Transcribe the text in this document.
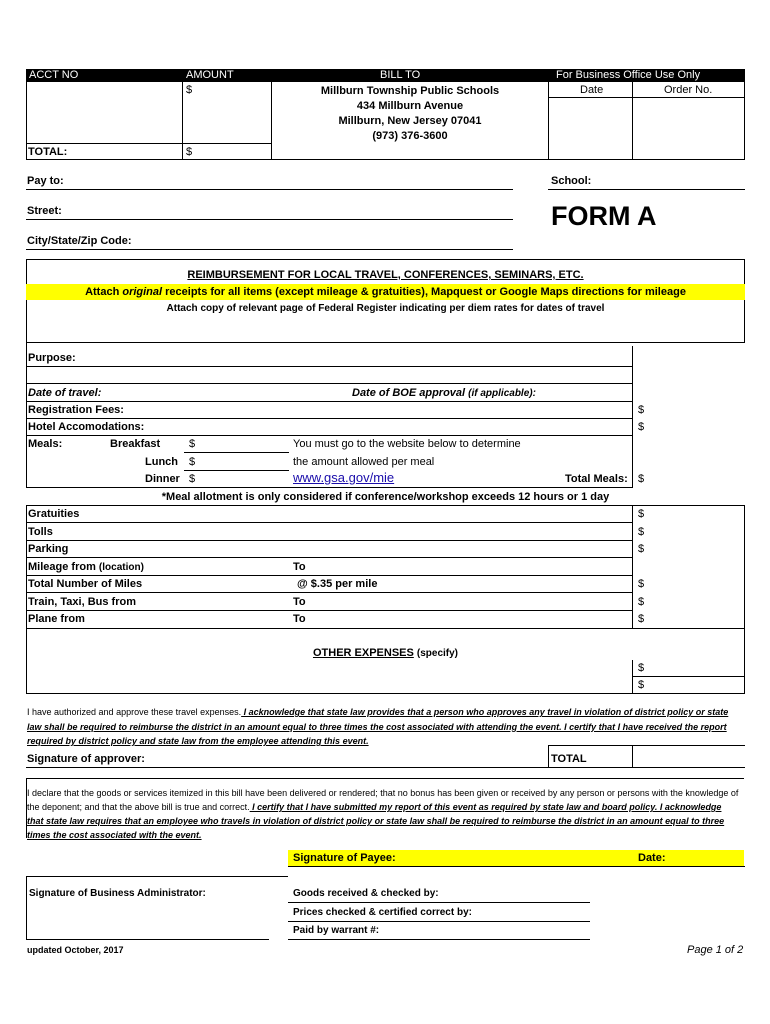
ACCT NO	AMOUNT	BILL TO	For Business Office Use Only
$	Date	Order No.
Millburn Township Public Schools
434 Millburn Avenue
Millburn, New Jersey 07041
(973) 376-3600
TOTAL:	$
Pay to:	School:
Street:	FORM A
City/State/Zip Code:
REIMBURSEMENT FOR LOCAL TRAVEL, CONFERENCES, SEMINARS, ETC.
Attach original receipts for all items (except mileage & gratuities), Mapquest or Google Maps directions for mileage
Attach copy of relevant page of Federal Register indicating per diem rates for dates of travel
Purpose:
Date of travel:	Date of BOE approval (if applicable):
Registration Fees:	$
Hotel Accomodations:	$
Meals:	Breakfast	$	You must go to the website below to determine
Lunch $	the amount allowed per meal
Dinner $	www.gsa.gov/mie	Total Meals: $
*Meal allotment is only considered if conference/workshop exceeds 12 hours or 1 day
Gratuities	$
Tolls	$
Parking	$
Mileage from (location)	To
Total Number of Miles	@ $.35 per mile	$
Train, Taxi, Bus from	To	$
Plane from	To	$
OTHER EXPENSES (specify)
$
$
I have authorized and approve these travel expenses. I acknowledge that state law provides that a person who approves any travel in violation of district policy or state
law shall be required to reimburse the district in an amount equal to three times the cost associated with attending the event. I certify that I have received the report
required by district policy and state law from the employee attending this event.
Signature of approver:	TOTAL
I declare that the goods or services itemized in this bill have been delivered or rendered; that no bonus has been given or received by any person or persons with the knowledge of
the deponent; and that the above bill is true and correct. I certify that I have submitted my report of this event as required by state law and board policy. I acknowledge
that state law requires that an employee who travels in violation of district policy or state law shall be required to reimburse the district in an amount equal to three
times the cost associated with the event.
Signature of Payee:	Date:
Signature of Business Administrator:	Goods received & checked by:
Prices checked & certified correct by:
Paid by warrant #:
updated October, 2017	Page 1 of 2
